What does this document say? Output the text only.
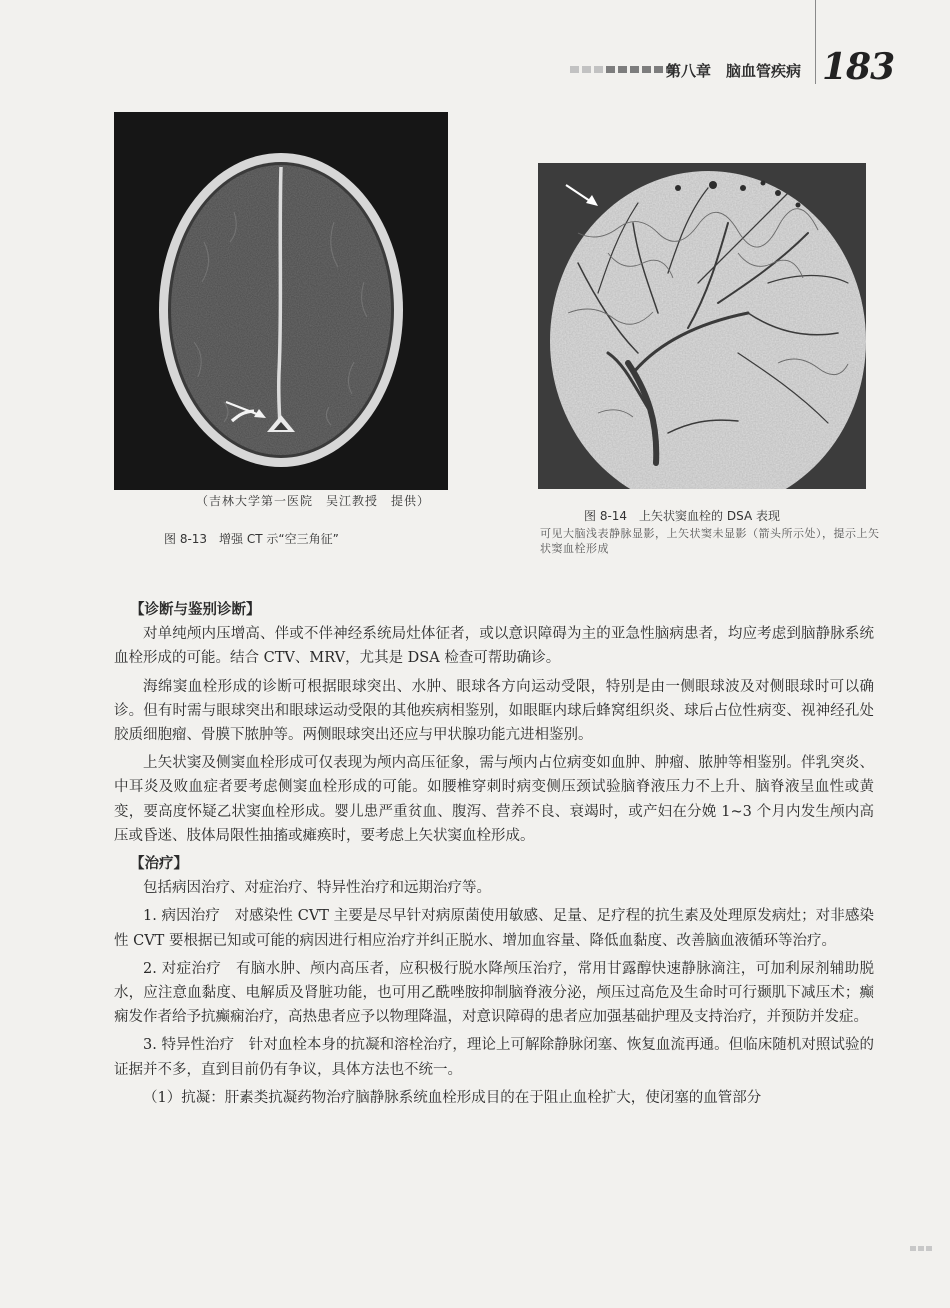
第八章　脑血管疾病 183
（吉林大学第一医院　吴江教授　提供）
图 8-13　增强 CT 示“空三角征”
图 8-14　上矢状窦血栓的 DSA 表现
可见大脑浅表静脉显影，上矢状窦未显影（箭头所示处），提示上矢状窦血栓形成
【诊断与鉴别诊断】

对单纯颅内压增高、伴或不伴神经系统局灶体征者，或以意识障碍为主的亚急性脑病患者，均应考虑到脑静脉系统血栓形成的可能。结合 CTV、MRV，尤其是 DSA 检查可帮助确诊。

海绵窦血栓形成的诊断可根据眼球突出、水肿、眼球各方向运动受限，特别是由一侧眼球波及对侧眼球时可以确诊。但有时需与眼球突出和眼球运动受限的其他疾病相鉴别，如眼眶内球后蜂窝组织炎、球后占位性病变、视神经孔处胶质细胞瘤、骨膜下脓肿等。两侧眼球突出还应与甲状腺功能亢进相鉴别。

上矢状窦及侧窦血栓形成可仅表现为颅内高压征象，需与颅内占位病变如血肿、肿瘤、脓肿等相鉴别。伴乳突炎、中耳炎及败血症者要考虑侧窦血栓形成的可能。如腰椎穿刺时病变侧压颈试验脑脊液压力不上升、脑脊液呈血性或黄变，要高度怀疑乙状窦血栓形成。婴儿患严重贫血、腹泻、营养不良、衰竭时，或产妇在分娩 1~3 个月内发生颅内高压或昏迷、肢体局限性抽搐或瘫痪时，要考虑上矢状窦血栓形成。

【治疗】

包括病因治疗、对症治疗、特异性治疗和远期治疗等。

1. 病因治疗　对感染性 CVT 主要是尽早针对病原菌使用敏感、足量、足疗程的抗生素及处理原发病灶；对非感染性 CVT 要根据已知或可能的病因进行相应治疗并纠正脱水、增加血容量、降低血黏度、改善脑血液循环等治疗。

2. 对症治疗　有脑水肿、颅内高压者，应积极行脱水降颅压治疗，常用甘露醇快速静脉滴注，可加利尿剂辅助脱水，应注意血黏度、电解质及肾脏功能，也可用乙酰唑胺抑制脑脊液分泌，颅压过高危及生命时可行颞肌下减压术；癫痫发作者给予抗癫痫治疗，高热患者应予以物理降温，对意识障碍的患者应加强基础护理及支持治疗，并预防并发症。

3. 特异性治疗　针对血栓本身的抗凝和溶栓治疗，理论上可解除静脉闭塞、恢复血流再通。但临床随机对照试验的证据并不多，直到目前仍有争议，具体方法也不统一。

（1）抗凝：肝素类抗凝药物治疗脑静脉系统血栓形成目的在于阻止血栓扩大，使闭塞的血管部分
